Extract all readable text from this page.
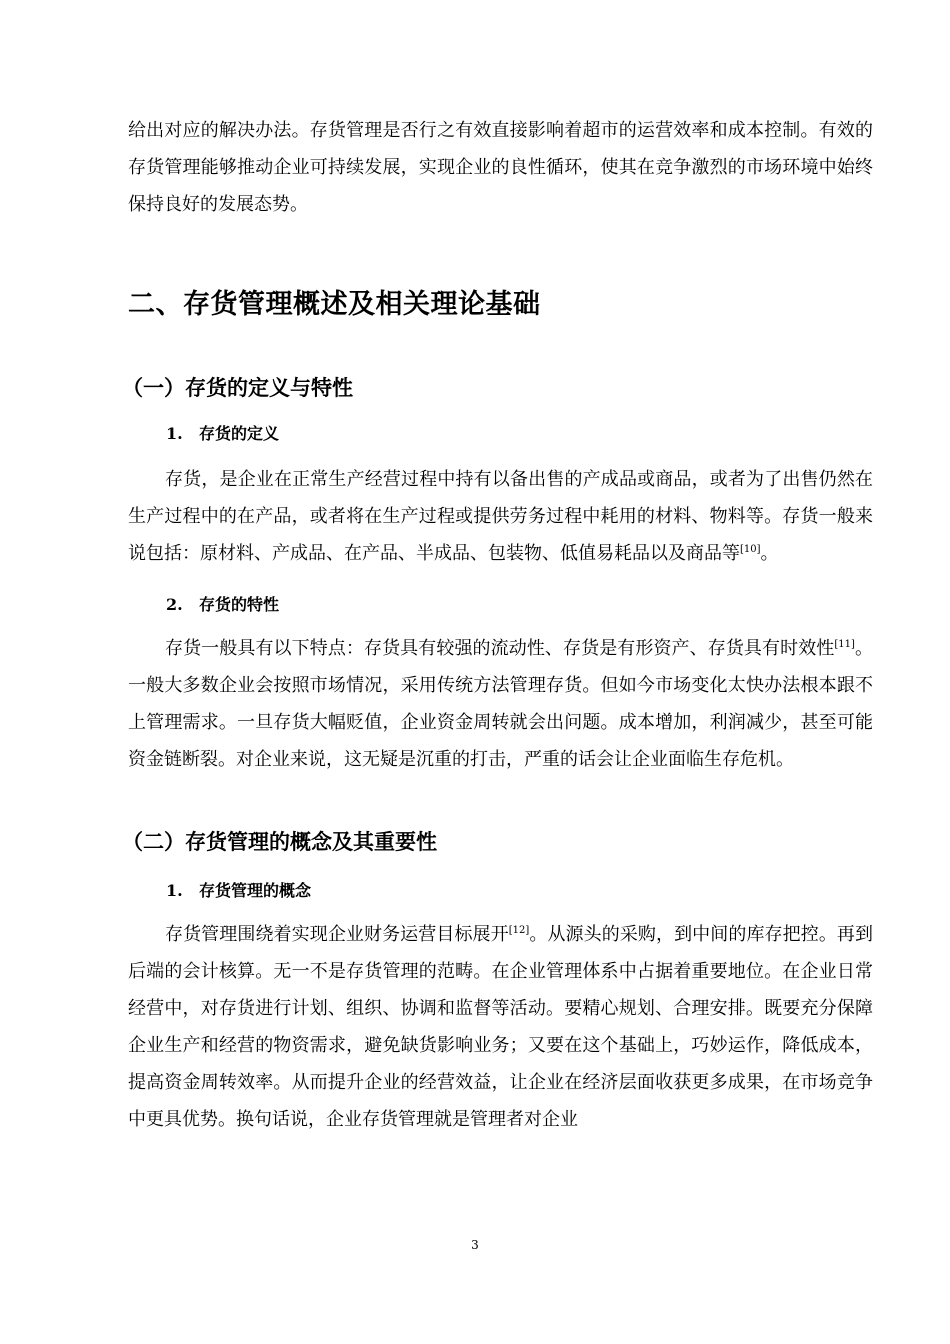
给出对应的解决办法。存货管理是否行之有效直接影响着超市的运营效率和成本控制。有效的存货管理能够推动企业可持续发展，实现企业的良性循环，使其在竞争激烈的市场环境中始终保持良好的发展态势。

二、存货管理概述及相关理论基础
（一）存货的定义与特性
1. 存货的定义

存货，是企业在正常生产经营过程中持有以备出售的产成品或商品，或者为了出售仍然在生产过程中的在产品，或者将在生产过程或提供劳务过程中耗用的材料、物料等。存货一般来说包括：原材料、产成品、在产品、半成品、包装物、低值易耗品以及商品等[10]。

2. 存货的特性

存货一般具有以下特点：存货具有较强的流动性、存货是有形资产、存货具有时效性[11]。一般大多数企业会按照市场情况，采用传统方法管理存货。但如今市场变化太快办法根本跟不上管理需求。一旦存货大幅贬值，企业资金周转就会出问题。成本增加，利润减少，甚至可能资金链断裂。对企业来说，这无疑是沉重的打击，严重的话会让企业面临生存危机。

（二）存货管理的概念及其重要性
1. 存货管理的概念

存货管理围绕着实现企业财务运营目标展开[12]。从源头的采购，到中间的库存把控。再到后端的会计核算。无一不是存货管理的范畴。在企业管理体系中占据着重要地位。在企业日常经营中，对存货进行计划、组织、协调和监督等活动。要精心规划、合理安排。既要充分保障企业生产和经营的物资需求，避免缺货影响业务；又要在这个基础上，巧妙运作，降低成本，提高资金周转效率。从而提升企业的经营效益，让企业在经济层面收获更多成果，在市场竞争中更具优势。换句话说，企业存货管理就是管理者对企业

3
